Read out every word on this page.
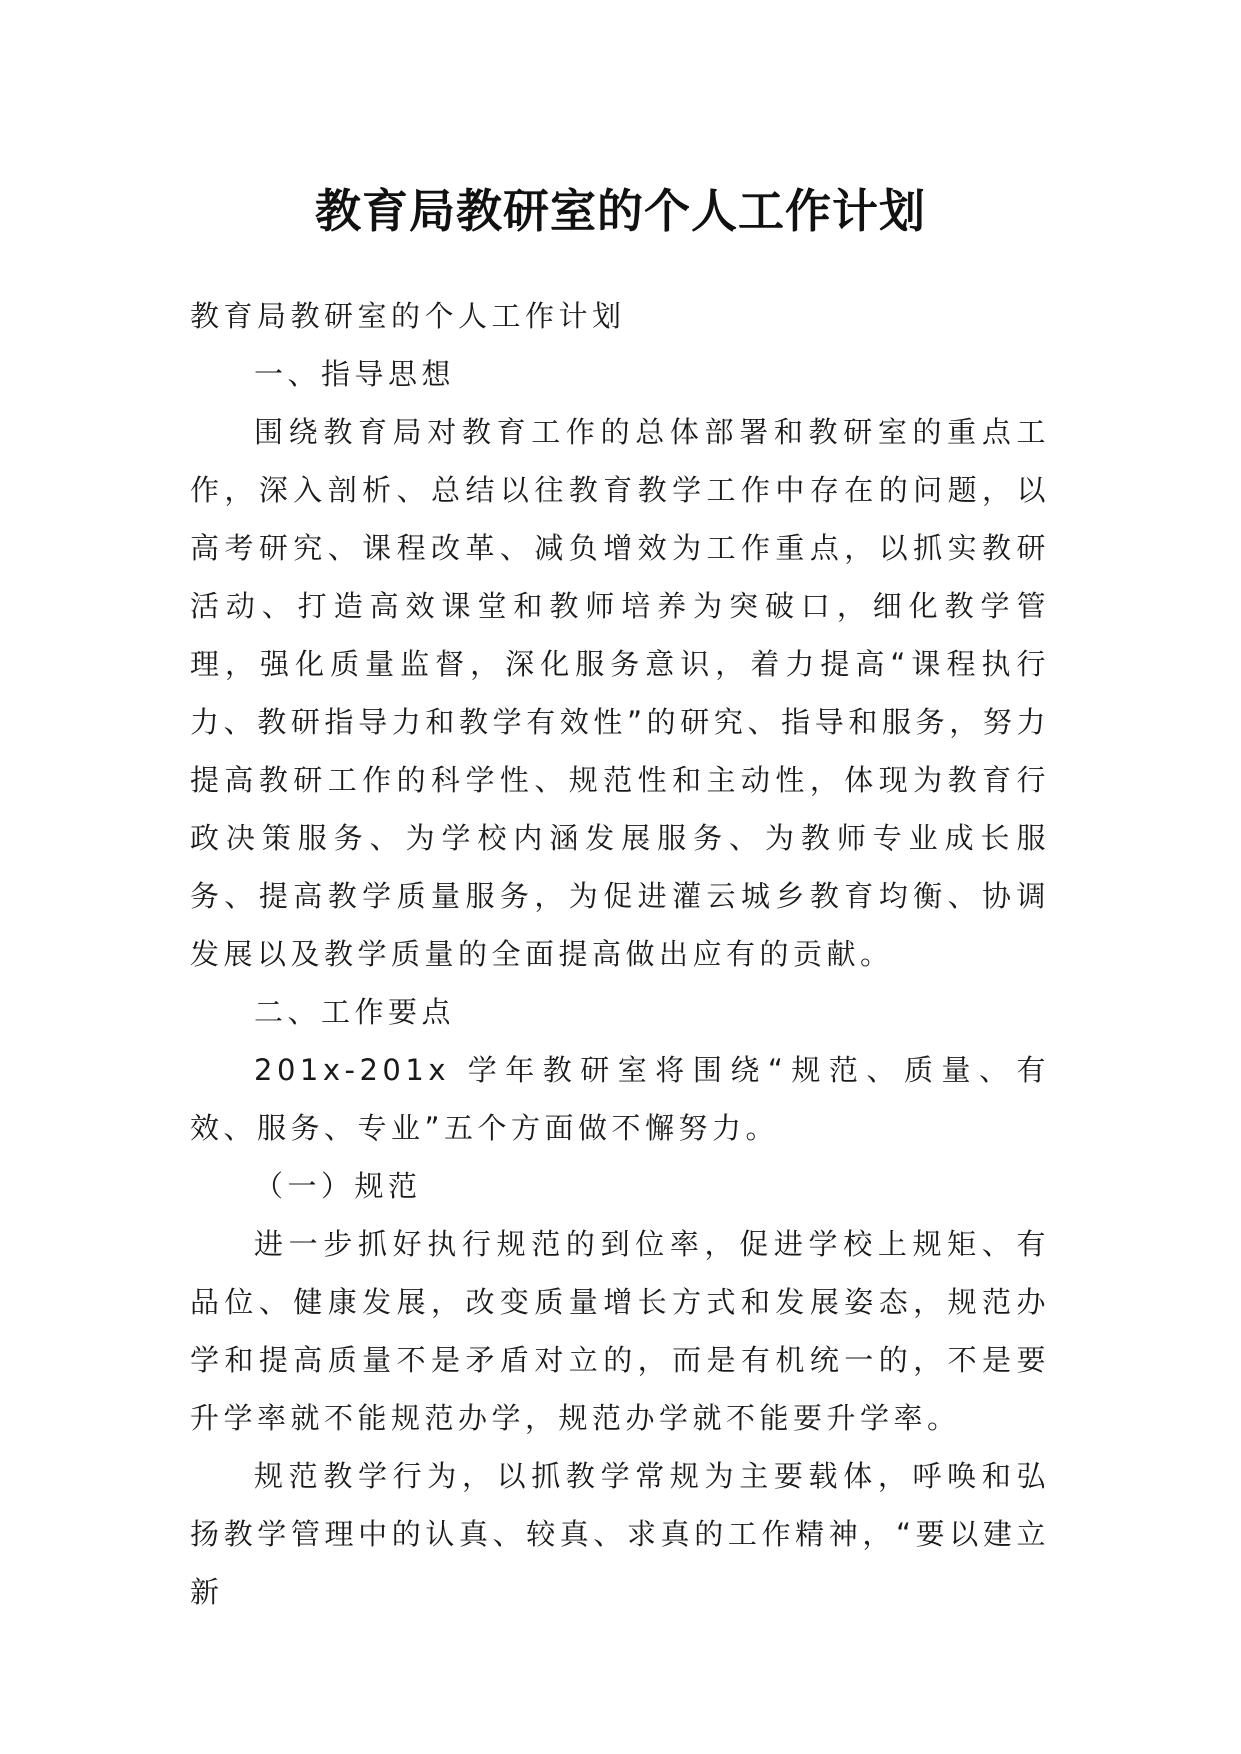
教育局教研室的个人工作计划

教育局教研室的个人工作计划

一、指导思想

围绕教育局对教育工作的总体部署和教研室的重点工作，深入剖析、总结以往教育教学工作中存在的问题，以高考研究、课程改革、减负增效为工作重点，以抓实教研活动、打造高效课堂和教师培养为突破口，细化教学管理，强化质量监督，深化服务意识，着力提高“课程执行力、教研指导力和教学有效性”的研究、指导和服务，努力提高教研工作的科学性、规范性和主动性，体现为教育行政决策服务、为学校内涵发展服务、为教师专业成长服务、提高教学质量服务，为促进灌云城乡教育均衡、协调发展以及教学质量的全面提高做出应有的贡献。

二、工作要点

201x-201x 学年教研室将围绕“规范、质量、有效、服务、专业”五个方面做不懈努力。

（一）规范

进一步抓好执行规范的到位率，促进学校上规矩、有品位、健康发展，改变质量增长方式和发展姿态，规范办学和提高质量不是矛盾对立的，而是有机统一的，不是要升学率就不能规范办学，规范办学就不能要升学率。

规范教学行为，以抓教学常规为主要载体，呼唤和弘扬教学管理中的认真、较真、求真的工作精神，“要以建立新
